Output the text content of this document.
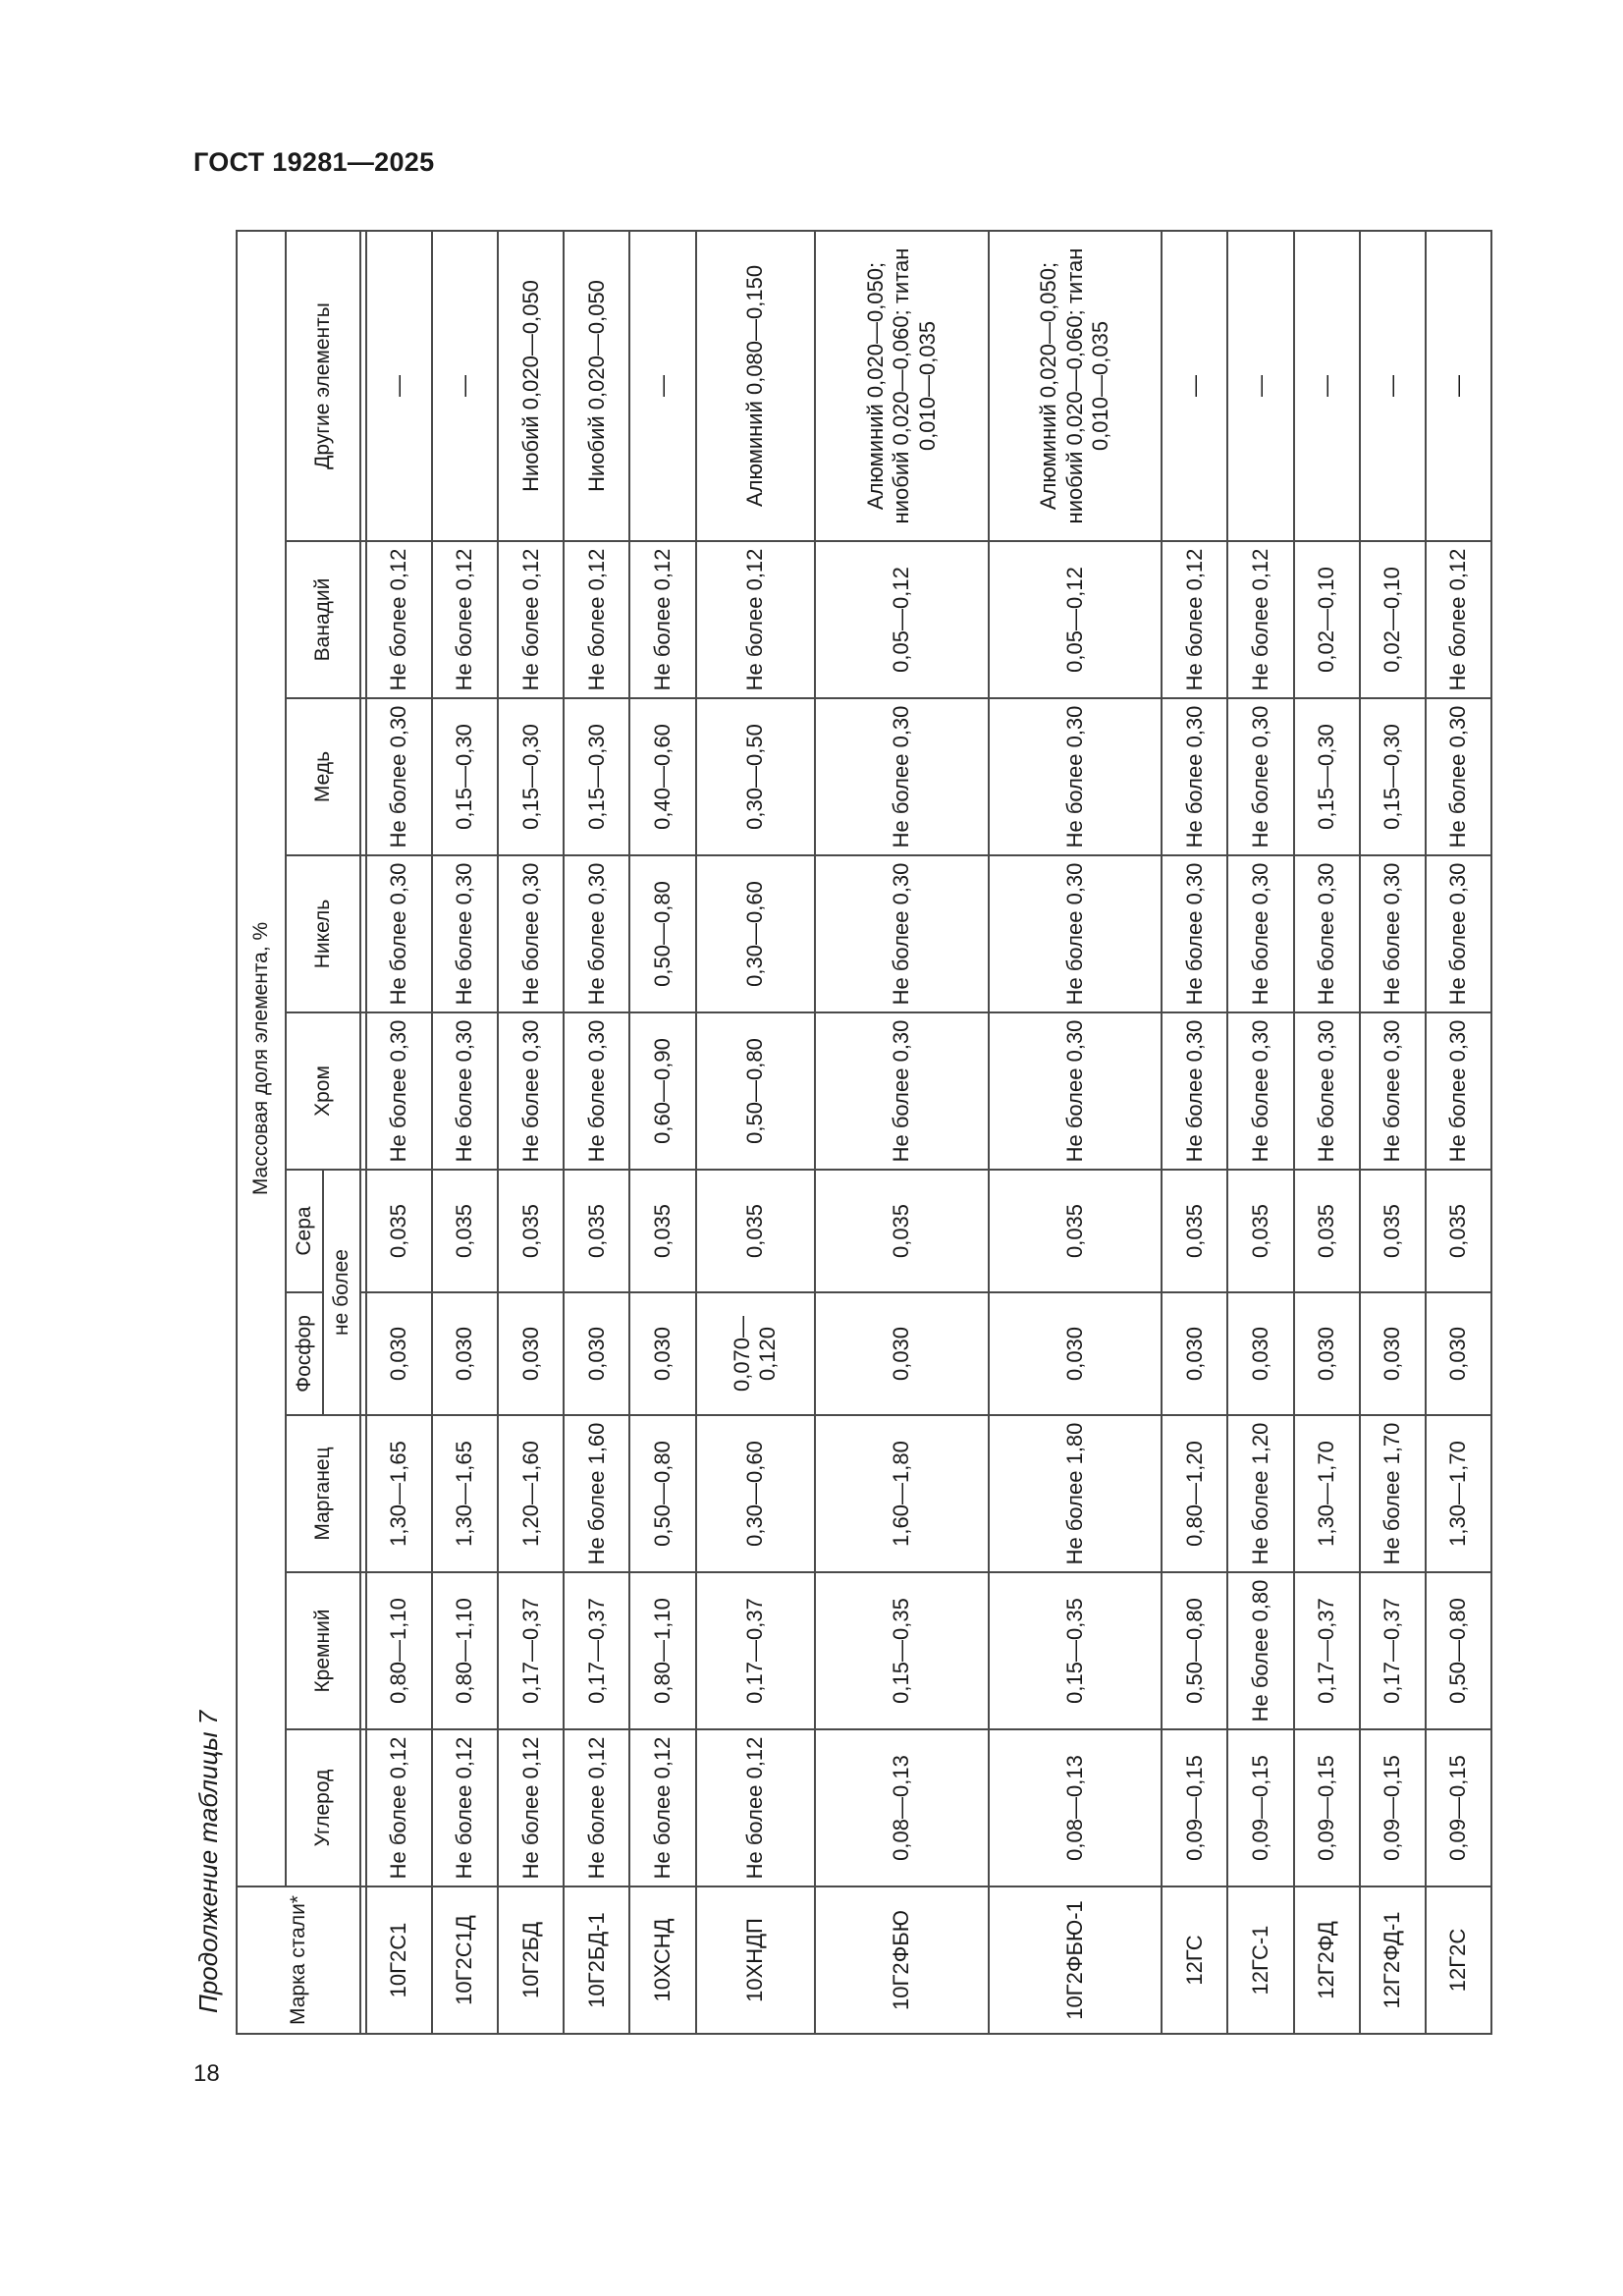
ГОСТ 19281—2025
Продолжение таблицы 7
18
Марка стали*	Массовая доля элемента, %									
	Углерод	Кремний	Марганец	Фосфор	Сера	Хром	Никель	Медь	Ванадий	Другие элементы
				не более						

10Г2С1	Не более 0,12	0,80—1,10	1,30—1,65	0,030	0,035	Не более 0,30	Не более 0,30	Не более 0,30	Не более 0,12	—
10Г2С1Д	Не более 0,12	0,80—1,10	1,30—1,65	0,030	0,035	Не более 0,30	Не более 0,30	0,15—0,30	Не более 0,12	—
10Г2БД	Не более 0,12	0,17—0,37	1,20—1,60	0,030	0,035	Не более 0,30	Не более 0,30	0,15—0,30	Не более 0,12	Ниобий 0,020—0,050
10Г2БД-1	Не более 0,12	0,17—0,37	Не более 1,60	0,030	0,035	Не более 0,30	Не более 0,30	0,15—0,30	Не более 0,12	Ниобий 0,020—0,050
10ХСНД	Не более 0,12	0,80—1,10	0,50—0,80	0,030	0,035	0,60—0,90	0,50—0,80	0,40—0,60	Не более 0,12	—
10ХНДП	Не более 0,12	0,17—0,37	0,30—0,60	0,070—0,120	0,035	0,50—0,80	0,30—0,60	0,30—0,50	Не более 0,12	Алюминий 0,080—0,150
10Г2ФБЮ	0,08—0,13	0,15—0,35	1,60—1,80	0,030	0,035	Не более 0,30	Не более 0,30	Не более 0,30	0,05—0,12	Алюминий 0,020—0,050; ниобий 0,020—0,060; титан 0,010—0,035
10Г2ФБЮ-1	0,08—0,13	0,15—0,35	Не более 1,80	0,030	0,035	Не более 0,30	Не более 0,30	Не более 0,30	0,05—0,12	Алюминий 0,020—0,050; ниобий 0,020—0,060; титан 0,010—0,035
12ГС	0,09—0,15	0,50—0,80	0,80—1,20	0,030	0,035	Не более 0,30	Не более 0,30	Не более 0,30	Не более 0,12	—
12ГС-1	0,09—0,15	Не более 0,80	Не более 1,20	0,030	0,035	Не более 0,30	Не более 0,30	Не более 0,30	Не более 0,12	—
12Г2ФД	0,09—0,15	0,17—0,37	1,30—1,70	0,030	0,035	Не более 0,30	Не более 0,30	0,15—0,30	0,02—0,10	—
12Г2ФД-1	0,09—0,15	0,17—0,37	Не более 1,70	0,030	0,035	Не более 0,30	Не более 0,30	0,15—0,30	0,02—0,10	—
12Г2С	0,09—0,15	0,50—0,80	1,30—1,70	0,030	0,035	Не более 0,30	Не более 0,30	Не более 0,30	Не более 0,12	—
